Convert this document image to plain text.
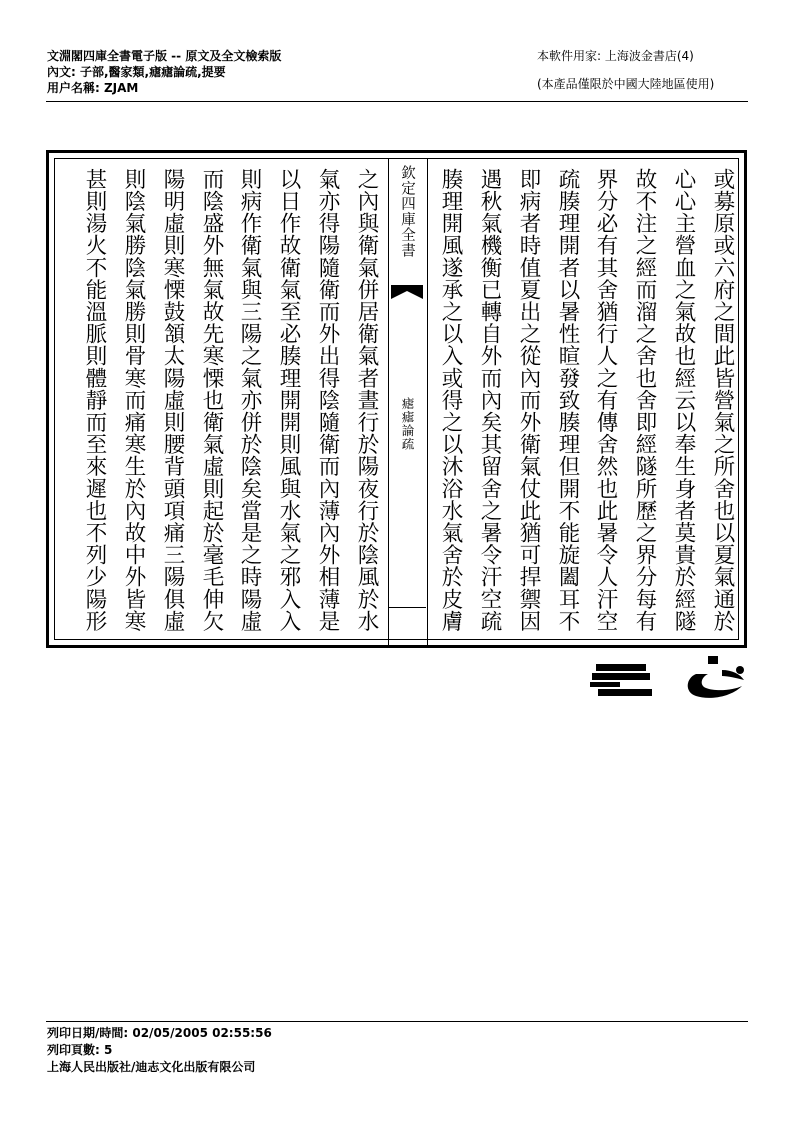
文淵閣四庫全書電子版 -- 原文及全文檢索版
內文: 子部,醫家類,瘧瘧論疏,提要
用户名稱: ZJAM
本軟件用家: 上海波金書店(4)
(本產品僅限於中國大陸地區使用)
或募原或六府之間此皆營氣之所舍也以夏氣通於
心心主營血之氣故也經云以奉生身者莫貴於經隧
故不注之經而溜之舍也舍即經隧所歷之界分每有
界分必有其舍猶行人之有傳舍然也此暑令人汗空
疏腠理開者以暑性暄發致腠理但開不能旋闔耳不
即病者時值夏出之從內而外衛氣仗此猶可捍禦因
遇秋氣機衡已轉自外而內矣其留舍之暑令汗空疏
腠理開風遂承之以入或得之以沐浴水氣舍於皮膚
欽定四庫全書
瘧瘧論疏
之內與衛氣併居衛氣者晝行於陽夜行於陰風於水
氣亦得陽隨衛而外出得陰隨衛而內薄內外相薄是
以日作故衛氣至必腠理開開則風與水氣之邪入入
則病作衛氣與三陽之氣亦併於陰矣當是之時陽虛
而陰盛外無氣故先寒慄也衛氣虛則起於毫毛伸欠
陽明虛則寒慄鼓頷太陽虛則腰背頭項痛三陽俱虛
則陰氣勝陰氣勝則骨寒而痛寒生於內故中外皆寒
甚則湯火不能溫脈則體靜而至來遲也不列少陽形
列印日期/時間: 02/05/2005 02:55:56
列印頁數: 5
上海人民出版社/迪志文化出版有限公司
